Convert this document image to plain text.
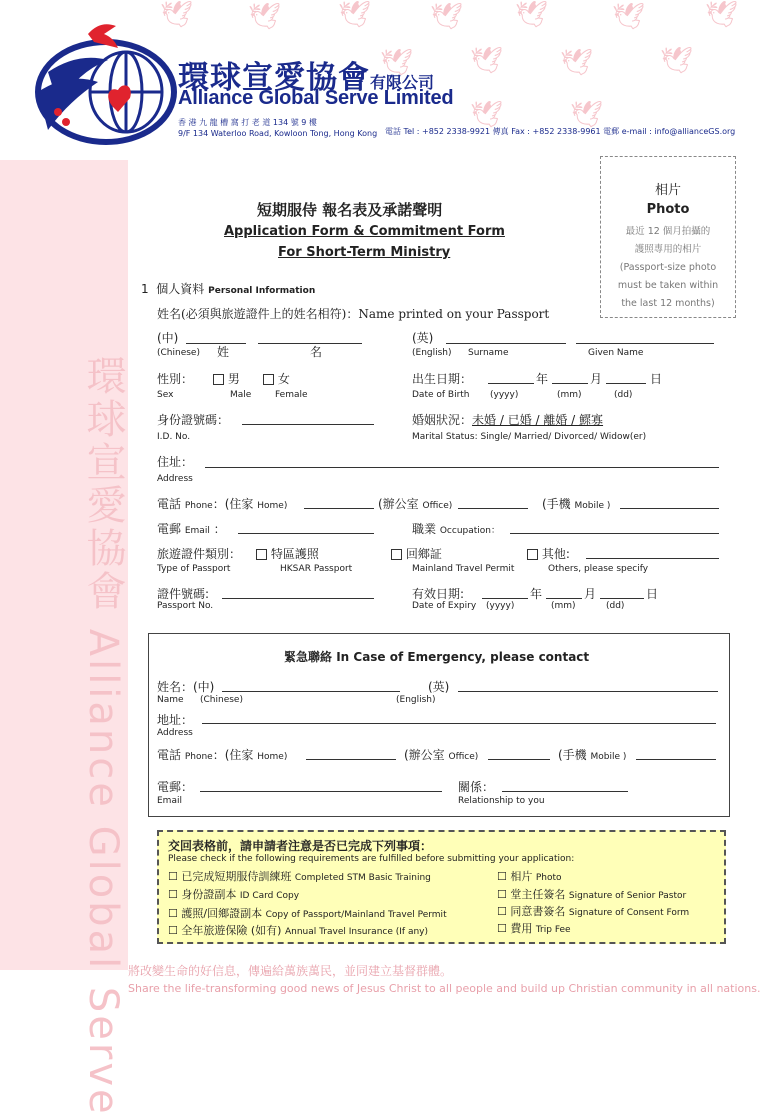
環球宣愛協會 Alliance Global Serve
🕊 🕊 🕊 🕊 🕊 🕊 🕊
🕊 🕊 🕊	🕊
🕊	🕊
環球宣愛協會有限公司
Alliance Global Serve Limited
香 港 九 龍 槽 窩 打 老 道 134 號 9 樓
9/F 134 Waterloo Road, Kowloon Tong, Hong Kong 電話 Tel : +852 2338-9921 傳真 Fax : +852 2338-9961 電郵 e-mail : info@allianceGS.org
相片
Photo
最近 12 個月拍攝的
護照專用的相片
(Passport-size photo
must be taken within
the last 12 months)
短期服侍 報名表及承諾聲明
Application Form & Commitment Form
For Short-Term Ministry
1 個人資料 Personal Information
姓名(必須與旅遊證件上的姓名相符)：Name printed on your Passport
(中)
(Chinese) 姓	名
(英)
(English) Surname	Given Name
性別：	男	女
Sex	Male	Female
出生日期：	年	月	日
Date of Birth (yyyy)	(mm)	(dd)
身份證號碼：
I.D. No.
婚姻狀況：未婚 / 已婚 / 離婚 / 鰥寡
Marital Status: Single/ Married/ Divorced/ Widow(er)
住址：
Address
電話 Phone：(住家 Home)	(辦公室 Office)	(手機 Mobile )
電郵 Email ：	職業 Occupation：
旅遊證件類別：	特區護照	回鄉証	其他:
Type of Passport	HKSAR Passport	Mainland Travel Permit	Others, please specify
證件號碼:
Passport No.
有效日期:	年	月	日
Date of Expiry (yyyy)	(mm)	(dd)
緊急聯絡 In Case of Emergency, please contact
姓名：(中)
Name (Chinese)
(英)
(English)
地址：
Address
電話 Phone：(住家 Home)	(辦公室 Office)	(手機 Mobile )
電郵：
Email
關係：
Relationship to you
交回表格前，請申請者注意是否已完成下列事項：
Please check if the following requirements are fulfilled before submitting your application:
☐ 已完成短期服侍訓練班 Completed STM Basic Training
☐ 身份證副本 ID Card Copy
☐ 護照/回鄉證副本 Copy of Passport/Mainland Travel Permit
☐ 全年旅遊保險 (如有) Annual Travel Insurance (If any)
☐ 相片 Photo
☐ 堂主任簽名 Signature of Senior Pastor
☐ 同意書簽名 Signature of Consent Form
☐ 費用 Trip Fee
將改變生命的好信息，傳遍給萬族萬民，並同建立基督群體。
Share the life-transforming good news of Jesus Christ to all people and build up Christian community in all nations.
